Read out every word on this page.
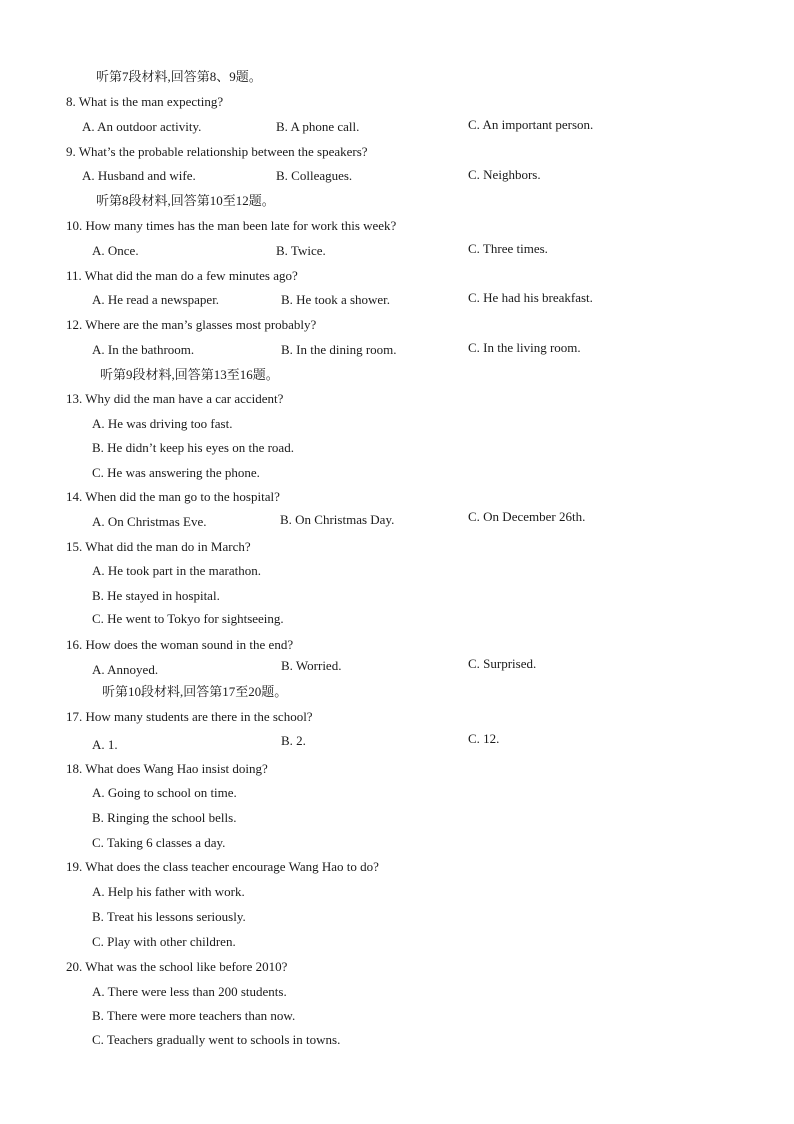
听第7段材料,回答第8、9题。
8. What is the man expecting?
A. An outdoor activity.	B. A phone call.	C. An important person.
9. What’s the probable relationship between the speakers?
A. Husband and wife.	B. Colleagues.	C. Neighbors.
听第8段材料,回答第10至12题。
10. How many times has the man been late for work this week?
A. Once.	B. Twice.	C. Three times.
11. What did the man do a few minutes ago?
A. He read a newspaper.	B. He took a shower.	C. He had his breakfast.
12. Where are the man’s glasses most probably?
A. In the bathroom.	B. In the dining room.	C. In the living room.
听第9段材料,回答第13至16题。
13. Why did the man have a car accident?
A. He was driving too fast.
B. He didn’t keep his eyes on the road.
C. He was answering the phone.
14. When did the man go to the hospital?
A. On Christmas Eve.	B. On Christmas Day.	C. On December 26th.
15. What did the man do in March?
A. He took part in the marathon.
B. He stayed in hospital.
C. He went to Tokyo for sightseeing.
16. How does the woman sound in the end?
A. Annoyed.	B. Worried.	C. Surprised.
听第10段材料,回答第17至20题。
17. How many students are there in the school?
A. 1.	B. 2.	C. 12.
18. What does Wang Hao insist doing?
A. Going to school on time.
B. Ringing the school bells.
C. Taking 6 classes a day.
19. What does the class teacher encourage Wang Hao to do?
A. Help his father with work.
B. Treat his lessons seriously.
C. Play with other children.
20. What was the school like before 2010?
A. There were less than 200 students.
B. There were more teachers than now.
C. Teachers gradually went to schools in towns.
